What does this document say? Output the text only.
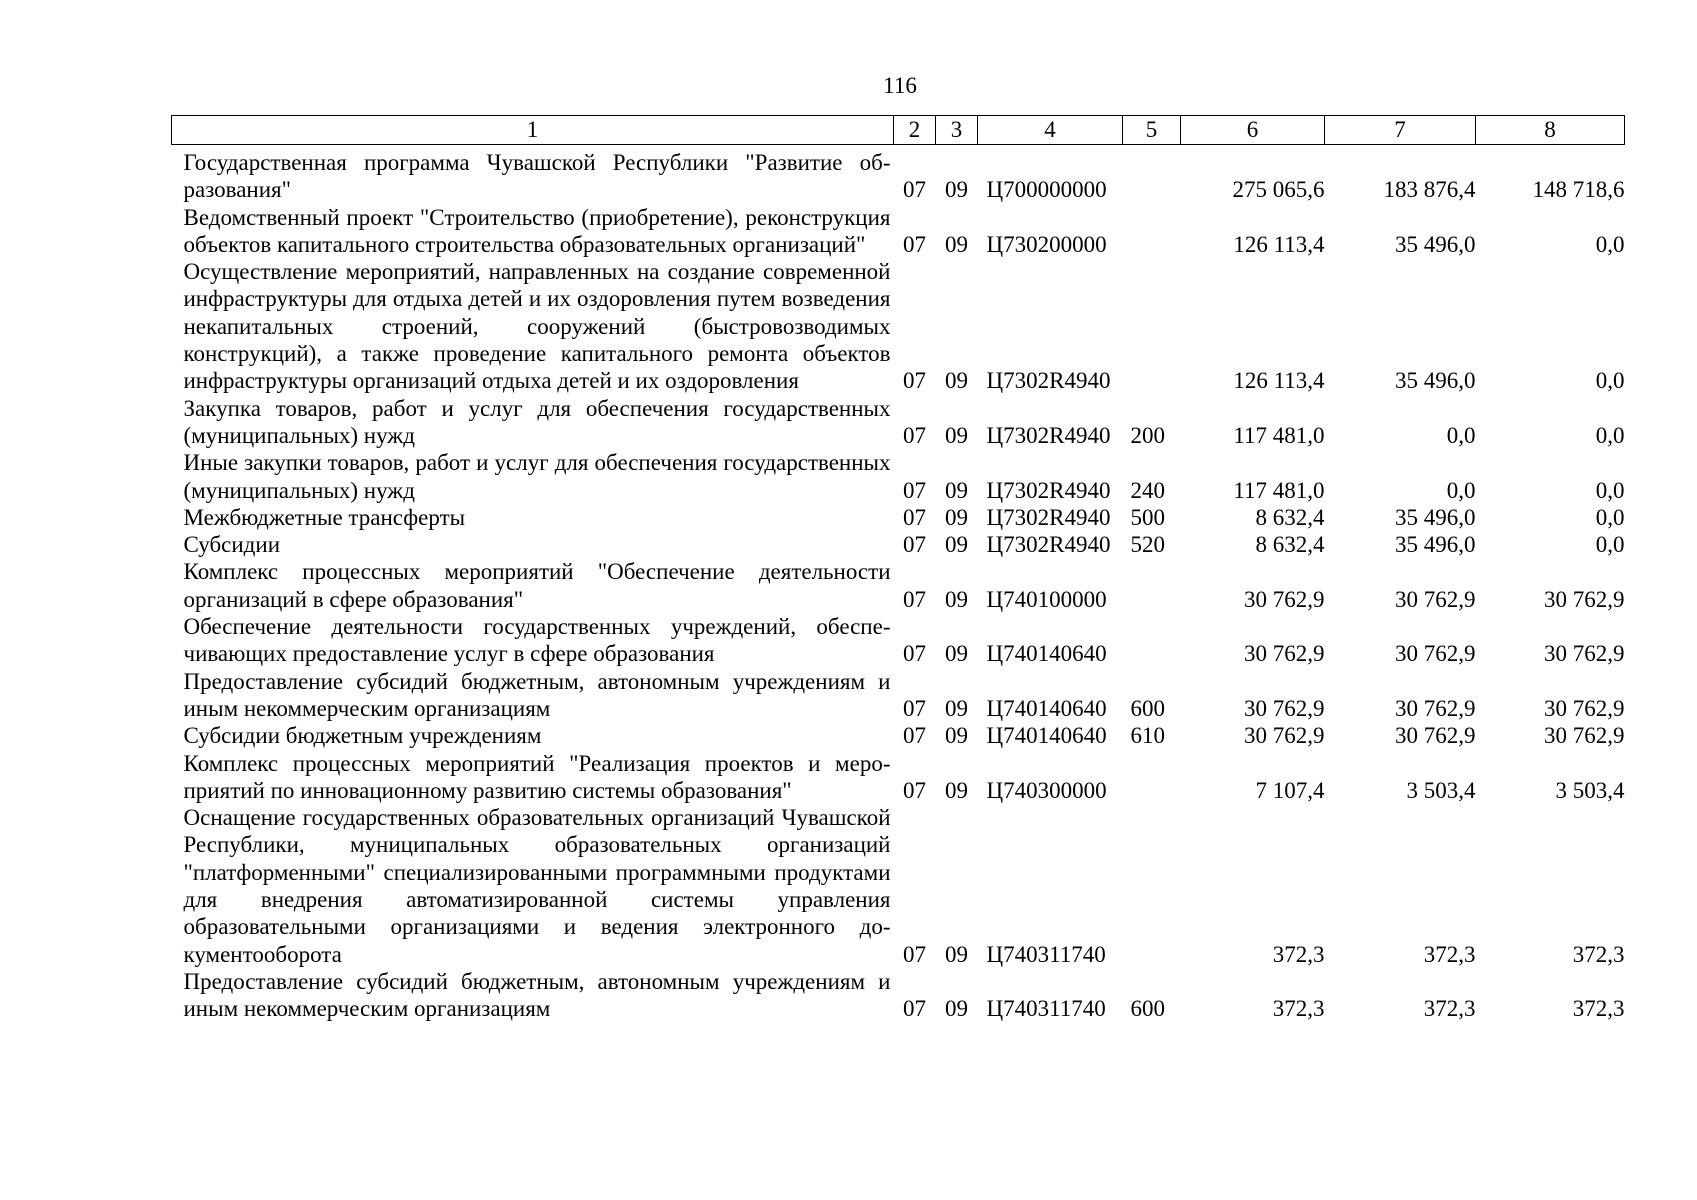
116
1	2	3	4	5	6	7	8
Государственная программа Чувашской Республики "Развитие образования"	07	09	Ц700000000		275 065,6	183 876,4	148 718,6
Ведомственный проект "Строительство (приобретение), реконструкция объектов капитального строительства образовательных организаций"	07	09	Ц730200000		126 113,4	35 496,0	0,0
Осуществление мероприятий, направленных на создание современной инфраструктуры для отдыха детей и их оздоровления путем возведения некапитальных строений, сооружений (быстровозводимых конструкций), а также проведение капитального ремонта объектов инфраструктуры организаций отдыха детей и их оздоровления	07	09	Ц7302R4940		126 113,4	35 496,0	0,0
Закупка товаров, работ и услуг для обеспечения государственных (муниципальных) нужд	07	09	Ц7302R4940	200	117 481,0	0,0	0,0
Иные закупки товаров, работ и услуг для обеспечения государственных (муниципальных) нужд	07	09	Ц7302R4940	240	117 481,0	0,0	0,0
Межбюджетные трансферты	07	09	Ц7302R4940	500	8 632,4	35 496,0	0,0
Субсидии	07	09	Ц7302R4940	520	8 632,4	35 496,0	0,0
Комплекс процессных мероприятий "Обеспечение деятельности организаций в сфере образования"	07	09	Ц740100000		30 762,9	30 762,9	30 762,9
Обеспечение деятельности государственных учреждений, обеспечивающих предоставление услуг в сфере образования	07	09	Ц740140640		30 762,9	30 762,9	30 762,9
Предоставление субсидий бюджетным, автономным учреждениям и иным некоммерческим организациям	07	09	Ц740140640	600	30 762,9	30 762,9	30 762,9
Субсидии бюджетным учреждениям	07	09	Ц740140640	610	30 762,9	30 762,9	30 762,9
Комплекс процессных мероприятий "Реализация проектов и мероприятий по инновационному развитию системы образования"	07	09	Ц740300000		7 107,4	3 503,4	3 503,4
Оснащение государственных образовательных организаций Чувашской Республики, муниципальных образовательных организаций "платформенными" специализированными программными продуктами для внедрения автоматизированной системы управления образовательными организациями и ведения электронного документооборота	07	09	Ц740311740		372,3	372,3	372,3
Предоставление субсидий бюджетным, автономным учреждениям и иным некоммерческим организациям	07	09	Ц740311740	600	372,3	372,3	372,3
